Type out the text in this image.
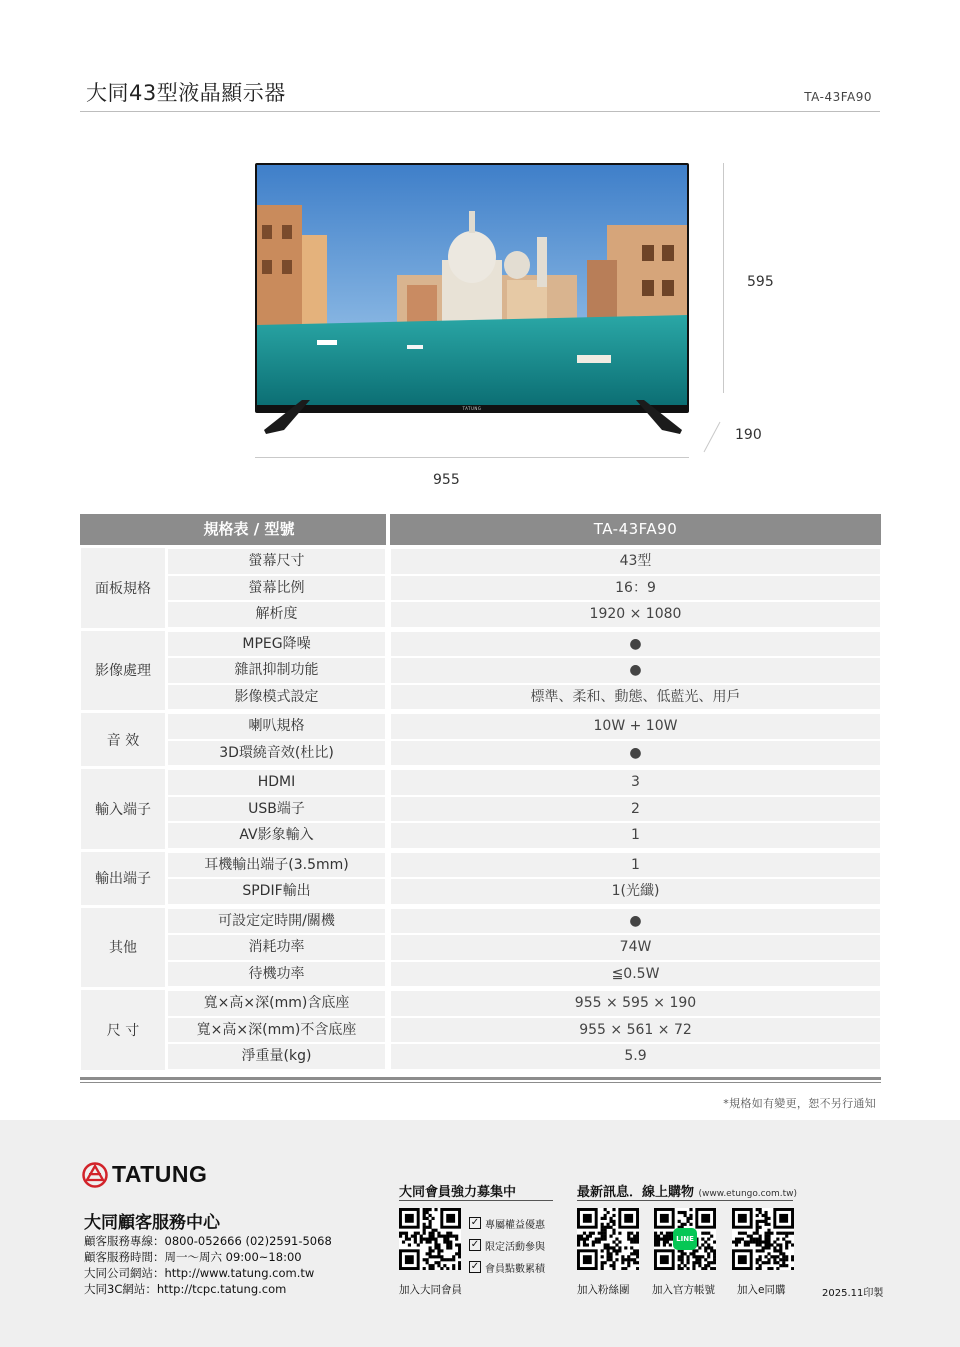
大同43型液晶顯示器	TA-43FA90
TATUNG
595
190
955
規格表 / 型號	TA-43FA90
面板規格
螢幕尺寸	43型
螢幕比例	16：9
解析度	1920 × 1080
影像處理
MPEG降噪	●
雜訊抑制功能	●
影像模式設定	標準、柔和、動態、低藍光、用戶
音 效
喇叭規格	10W + 10W
3D環繞音效(杜比)	●
輸入端子
HDMI	3
USB端子	2
AV影象輸入	1
輸出端子
耳機輸出端子(3.5mm)	1
SPDIF輸出	1(光纖)
其他
可設定定時開/關機	●
消耗功率	74W
待機功率	≦0.5W
尺 寸
寬×高×深(mm)含底座	955 × 595 × 190
寬×高×深(mm)不含底座	955 × 561 × 72
淨重量(kg)	5.9
*規格如有變更，恕不另行通知
TATUNG
大同顧客服務中心
顧客服務專線：0800-052666 (02)2591-5068
顧客服務時間：周一～周六 09:00~18:00
大同公司網站：http://www.tatung.com.tw
大同3C網站：http://tcpc.tatung.com
大同會員強力募集中	最新訊息．線上購物 (www.etungo.com.tw)
✓ 專屬權益優惠
✓ 限定活動參與
✓ 會員點數累積
加入大同會員
LINE
加入粉絲團 加入官方帳號 加入e同購	2025.11印製
